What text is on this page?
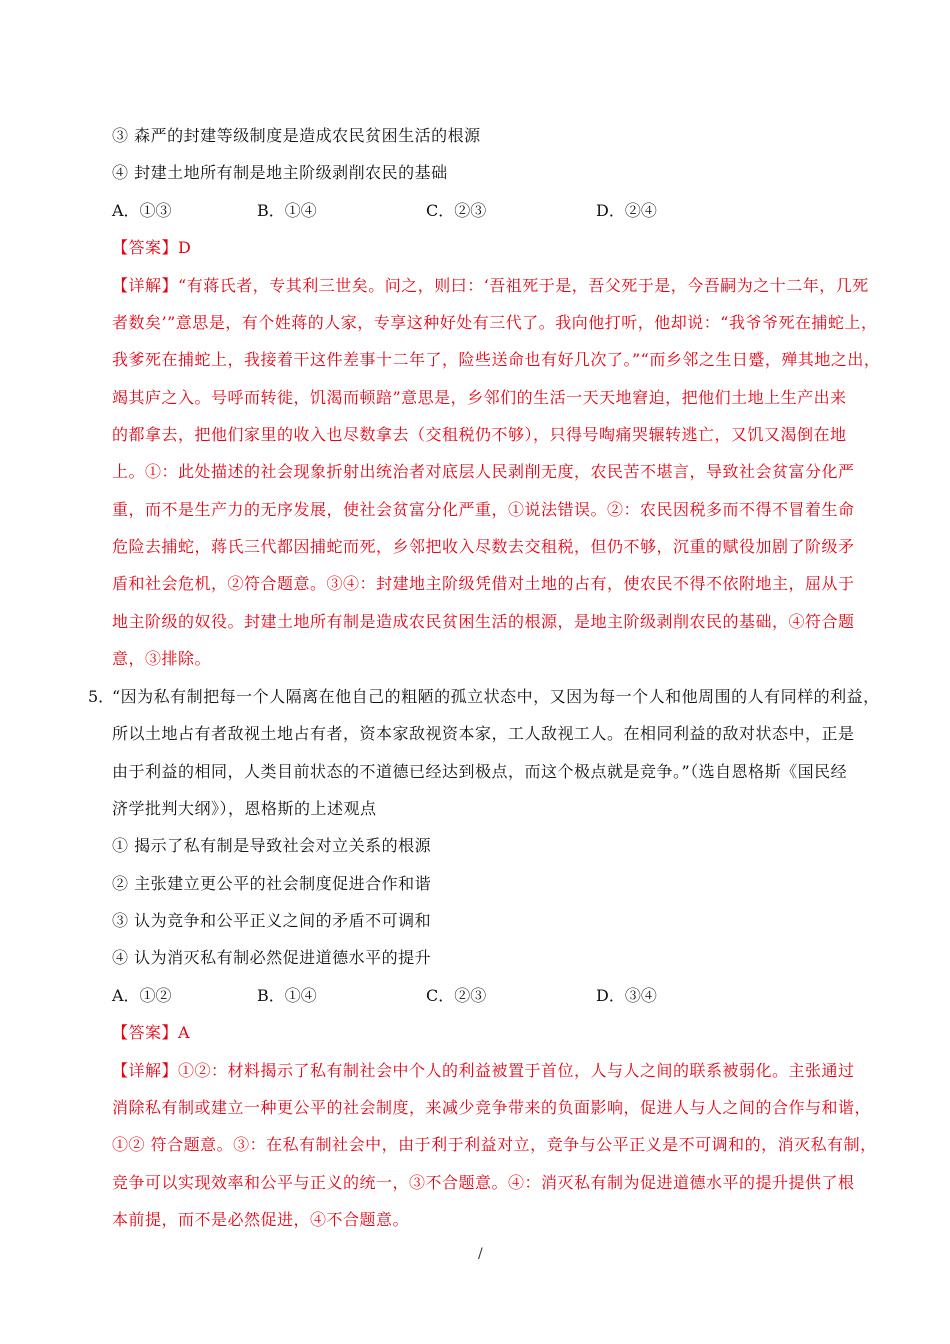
③ 森严的封建等级制度是造成农民贫困生活的根源
④ 封建土地所有制是地主阶级剥削农民的基础
A．①③	B．①④	C．②③	D．②④
【答案】D
【详解】“有蒋氏者，专其利三世矣。问之，则曰：‘吾祖死于是，吾父死于是，今吾嗣为之十二年，几死
者数矣’”意思是，有个姓蒋的人家，专享这种好处有三代了。我向他打听，他却说：“我爷爷死在捕蛇上，
我爹死在捕蛇上，我接着干这件差事十二年了，险些送命也有好几次了。”“而乡邻之生日蹙，殚其地之出，
竭其庐之入。号呼而转徙，饥渴而顿踣”意思是，乡邻们的生活一天天地窘迫，把他们土地上生产出来
的都拿去，把他们家里的收入也尽数拿去（交租税仍不够），只得号啕痛哭辗转逃亡，又饥又渴倒在地
上。①：此处描述的社会现象折射出统治者对底层人民剥削无度，农民苦不堪言，导致社会贫富分化严
重，而不是生产力的无序发展，使社会贫富分化严重，①说法错误。②：农民因税多而不得不冒着生命
危险去捕蛇，蒋氏三代都因捕蛇而死，乡邻把收入尽数去交租税，但仍不够，沉重的赋役加剧了阶级矛
盾和社会危机，②符合题意。③④：封建地主阶级凭借对土地的占有，使农民不得不依附地主，屈从于
地主阶级的奴役。封建土地所有制是造成农民贫困生活的根源，是地主阶级剥削农民的基础，④符合题
意，③排除。
5．
“因为私有制把每一个人隔离在他自己的粗陋的孤立状态中，又因为每一个人和他周围的人有同样的利益，
所以土地占有者敌视土地占有者，资本家敌视资本家，工人敌视工人。在相同利益的敌对状态中，正是
由于利益的相同，人类目前状态的不道德已经达到极点，而这个极点就是竞争。”（选自恩格斯《国民经
济学批判大纲》），恩格斯的上述观点
① 揭示了私有制是导致社会对立关系的根源
② 主张建立更公平的社会制度促进合作和谐
③ 认为竞争和公平正义之间的矛盾不可调和
④ 认为消灭私有制必然促进道德水平的提升
A．①②	B．①④	C．②③	D．③④
【答案】A
【详解】①②：材料揭示了私有制社会中个人的利益被置于首位，人与人之间的联系被弱化。主张通过
消除私有制或建立一种更公平的社会制度，来减少竞争带来的负面影响，促进人与人之间的合作与和谐，
①② 符合题意。③：在私有制社会中，由于利于利益对立，竞争与公平正义是不可调和的，消灭私有制，
竞争可以实现效率和公平与正义的统一，③不合题意。④：消灭私有制为促进道德水平的提升提供了根
本前提，而不是必然促进，④不合题意。
/
